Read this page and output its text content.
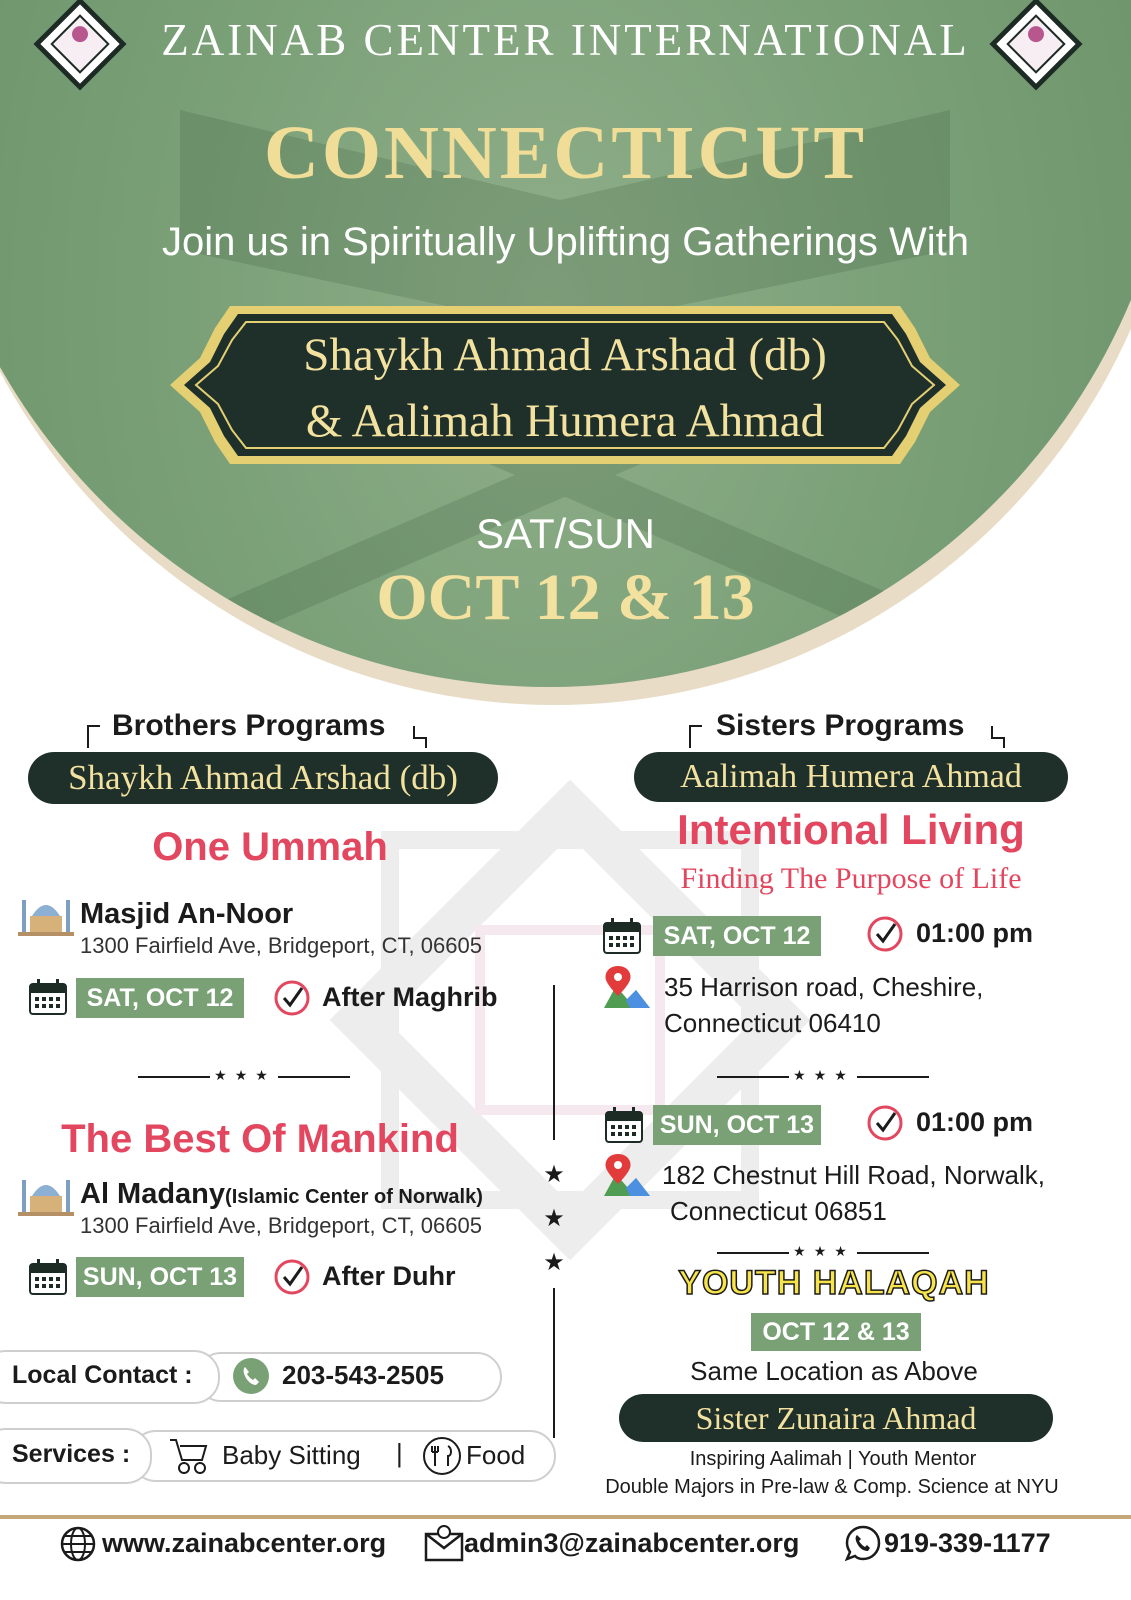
ZAINAB CENTER INTERNATIONAL
CONNECTICUT
Join us in Spiritually Uplifting Gatherings With
Shaykh Ahmad Arshad (db)
& Aalimah Humera Ahmad
SAT/SUN
OCT 12 & 13
Brothers Programs
Shaykh Ahmad Arshad (db)
One Ummah
Masjid An-Noor
1300 Fairfield Ave, Bridgeport, CT, 06605
SAT, OCT 12	After Maghrib
★★★
The Best Of Mankind
Al Madany(Islamic Center of Norwalk)
1300 Fairfield Ave, Bridgeport, CT, 06605
SUN, OCT 13	After Duhr
★
★
★
Sisters Programs
Aalimah Humera Ahmad
Intentional Living
Finding The Purpose of Life
SAT, OCT 12	01:00 pm
35 Harrison road, Cheshire,
Connecticut 06410
★★★
SUN, OCT 13	01:00 pm
182 Chestnut Hill Road, Norwalk,
Connecticut 06851
★★★
YOUTH HALAQAH
OCT 12 & 13
Same Location as Above
Sister Zunaira Ahmad
Inspiring Aalimah | Youth Mentor
Double Majors in Pre-law & Comp. Science at NYU
Local Contact :	203-543-2505
Services :	Baby Sitting | Food
www.zainabcenter.org	admin3@zainabcenter.org	919-339-1177
